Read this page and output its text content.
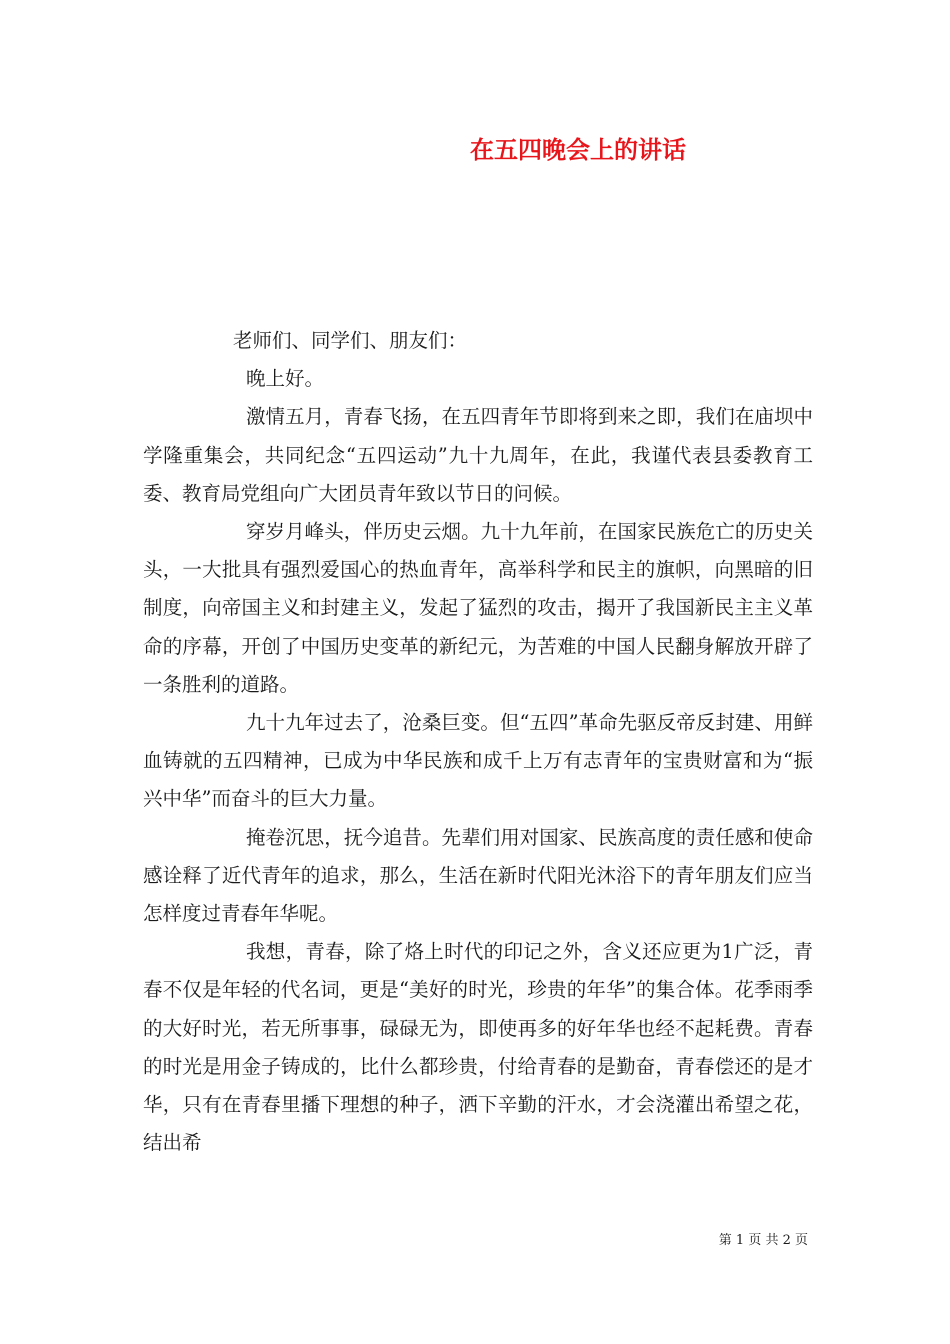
在五四晚会上的讲话

老师们、同学们、朋友们：

晚上好。

激情五月，青春飞扬，在五四青年节即将到来之即，我们在庙坝中学隆重集会，共同纪念“五四运动”九十九周年，在此，我谨代表县委教育工委、教育局党组向广大团员青年致以节日的问候。

穿岁月峰头，伴历史云烟。九十九年前，在国家民族危亡的历史关头，一大批具有强烈爱国心的热血青年，高举科学和民主的旗帜，向黑暗的旧制度，向帝国主义和封建主义，发起了猛烈的攻击，揭开了我国新民主主义革命的序幕，开创了中国历史变革的新纪元，为苦难的中国人民翻身解放开辟了一条胜利的道路。

九十九年过去了，沧桑巨变。但“五四”革命先驱反帝反封建、用鲜血铸就的五四精神，已成为中华民族和成千上万有志青年的宝贵财富和为“振兴中华”而奋斗的巨大力量。

掩卷沉思，抚今追昔。先辈们用对国家、民族高度的责任感和使命感诠释了近代青年的追求，那么，生活在新时代阳光沐浴下的青年朋友们应当怎样度过青春年华呢。

我想，青春，除了烙上时代的印记之外，含义还应更为1广泛，青春不仅是年轻的代名词，更是“美好的时光，珍贵的年华”的集合体。花季雨季的大好时光，若无所事事，碌碌无为，即使再多的好年华也经不起耗费。青春的时光是用金子铸成的，比什么都珍贵，付给青春的是勤奋，青春偿还的是才华，只有在青春里播下理想的种子，洒下辛勤的汗水，才会浇灌出希望之花，结出希

第 1 页 共 2 页
